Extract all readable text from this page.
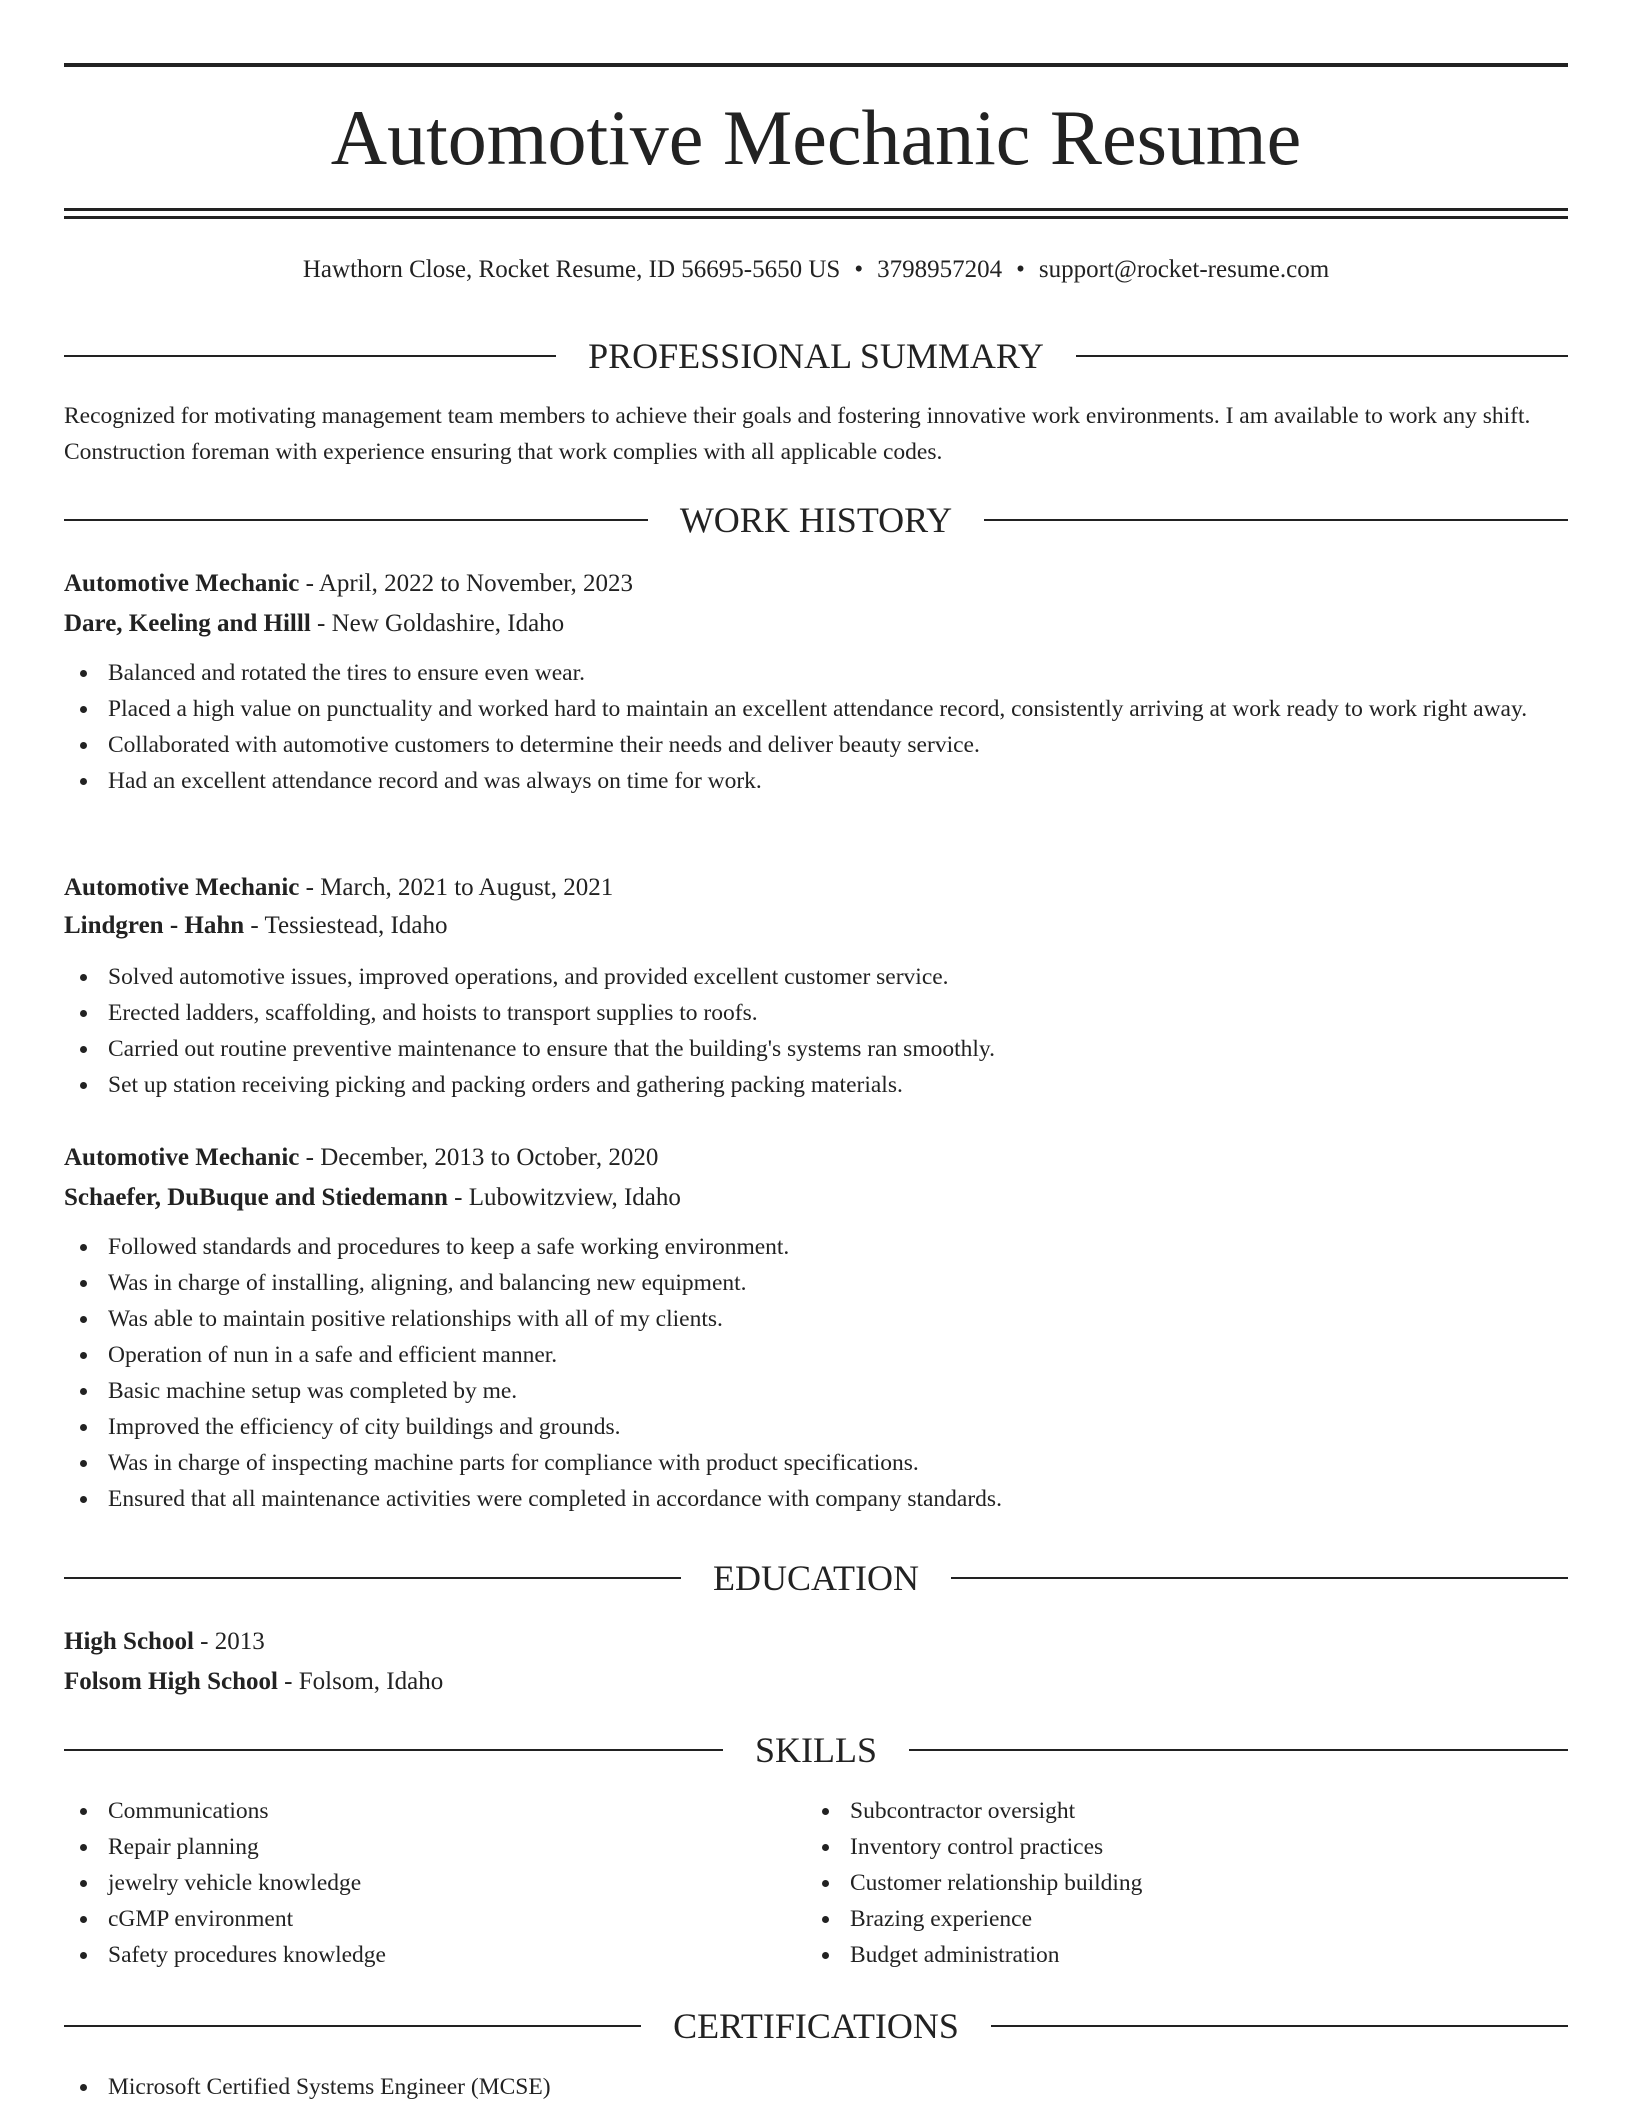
Automotive Mechanic Resume
Hawthorn Close, Rocket Resume, ID 56695-5650 US • 3798957204 • support@rocket-resume.com
PROFESSIONAL SUMMARY
Recognized for motivating management team members to achieve their goals and fostering innovative work environments. I am available to work any shift. Construction foreman with experience ensuring that work complies with all applicable codes.
WORK HISTORY
Automotive Mechanic - April, 2022 to November, 2023
Dare, Keeling and Hilll - New Goldashire, Idaho
Balanced and rotated the tires to ensure even wear.
Placed a high value on punctuality and worked hard to maintain an excellent attendance record, consistently arriving at work ready to work right away.
Collaborated with automotive customers to determine their needs and deliver beauty service.
Had an excellent attendance record and was always on time for work.
Automotive Mechanic - March, 2021 to August, 2021
Lindgren - Hahn - Tessiestead, Idaho
Solved automotive issues, improved operations, and provided excellent customer service.
Erected ladders, scaffolding, and hoists to transport supplies to roofs.
Carried out routine preventive maintenance to ensure that the building's systems ran smoothly.
Set up station receiving picking and packing orders and gathering packing materials.
Automotive Mechanic - December, 2013 to October, 2020
Schaefer, DuBuque and Stiedemann - Lubowitzview, Idaho
Followed standards and procedures to keep a safe working environment.
Was in charge of installing, aligning, and balancing new equipment.
Was able to maintain positive relationships with all of my clients.
Operation of nun in a safe and efficient manner.
Basic machine setup was completed by me.
Improved the efficiency of city buildings and grounds.
Was in charge of inspecting machine parts for compliance with product specifications.
Ensured that all maintenance activities were completed in accordance with company standards.
EDUCATION
High School - 2013
Folsom High School - Folsom, Idaho
SKILLS
Communications
Repair planning
jewelry vehicle knowledge
cGMP environment
Safety procedures knowledge
Subcontractor oversight
Inventory control practices
Customer relationship building
Brazing experience
Budget administration
CERTIFICATIONS
Microsoft Certified Systems Engineer (MCSE)
